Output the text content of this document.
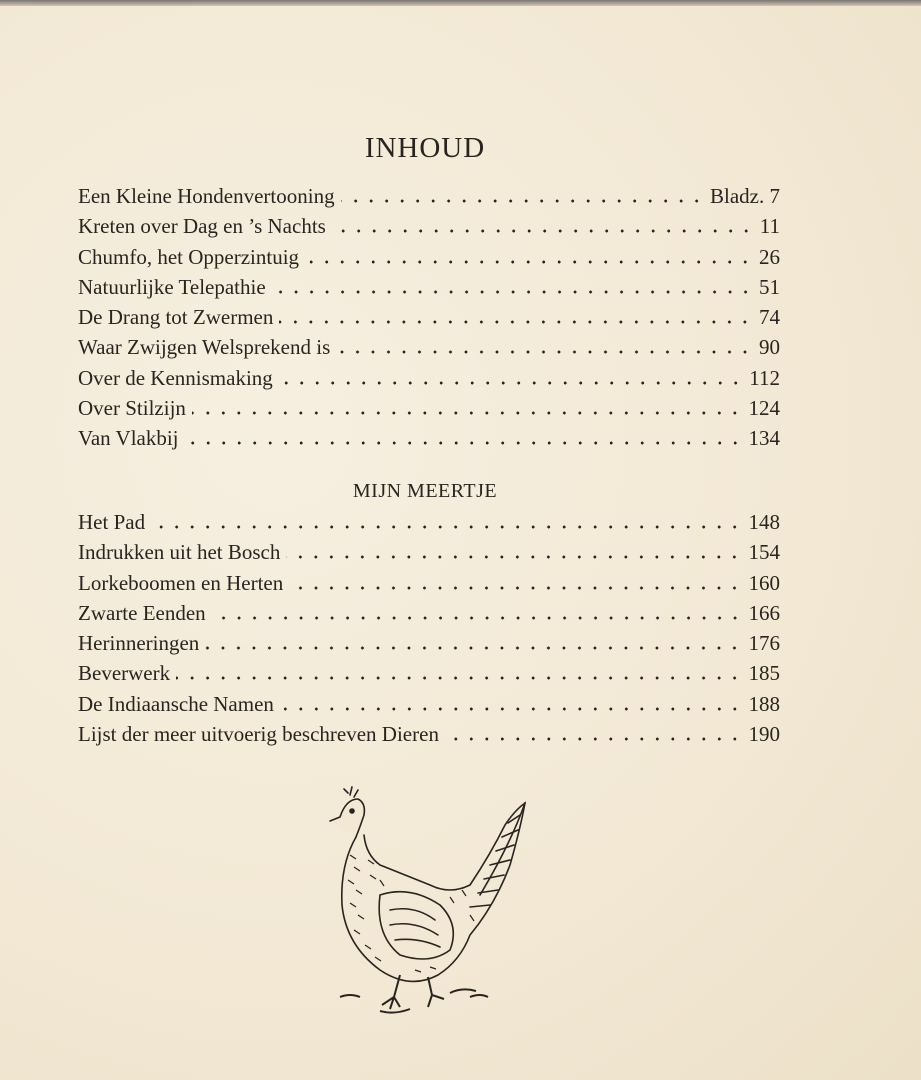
INHOUD
Een Kleine Hondenvertooning	Bladz. 7
Kreten over Dag en ’s Nachts	11
Chumfo, het Opperzintuig	26
Natuurlijke Telepathie	51
De Drang tot Zwermen	74
Waar Zwijgen Welsprekend is	90
Over de Kennismaking	112
Over Stilzijn	124
Van Vlakbij	134
MIJN MEERTJE
Het Pad	148
Indrukken uit het Bosch	154
Lorkeboomen en Herten	160
Zwarte Eenden	166
Herinneringen	176
Beverwerk	185
De Indiaansche Namen	188
Lijst der meer uitvoerig beschreven Dieren	190
